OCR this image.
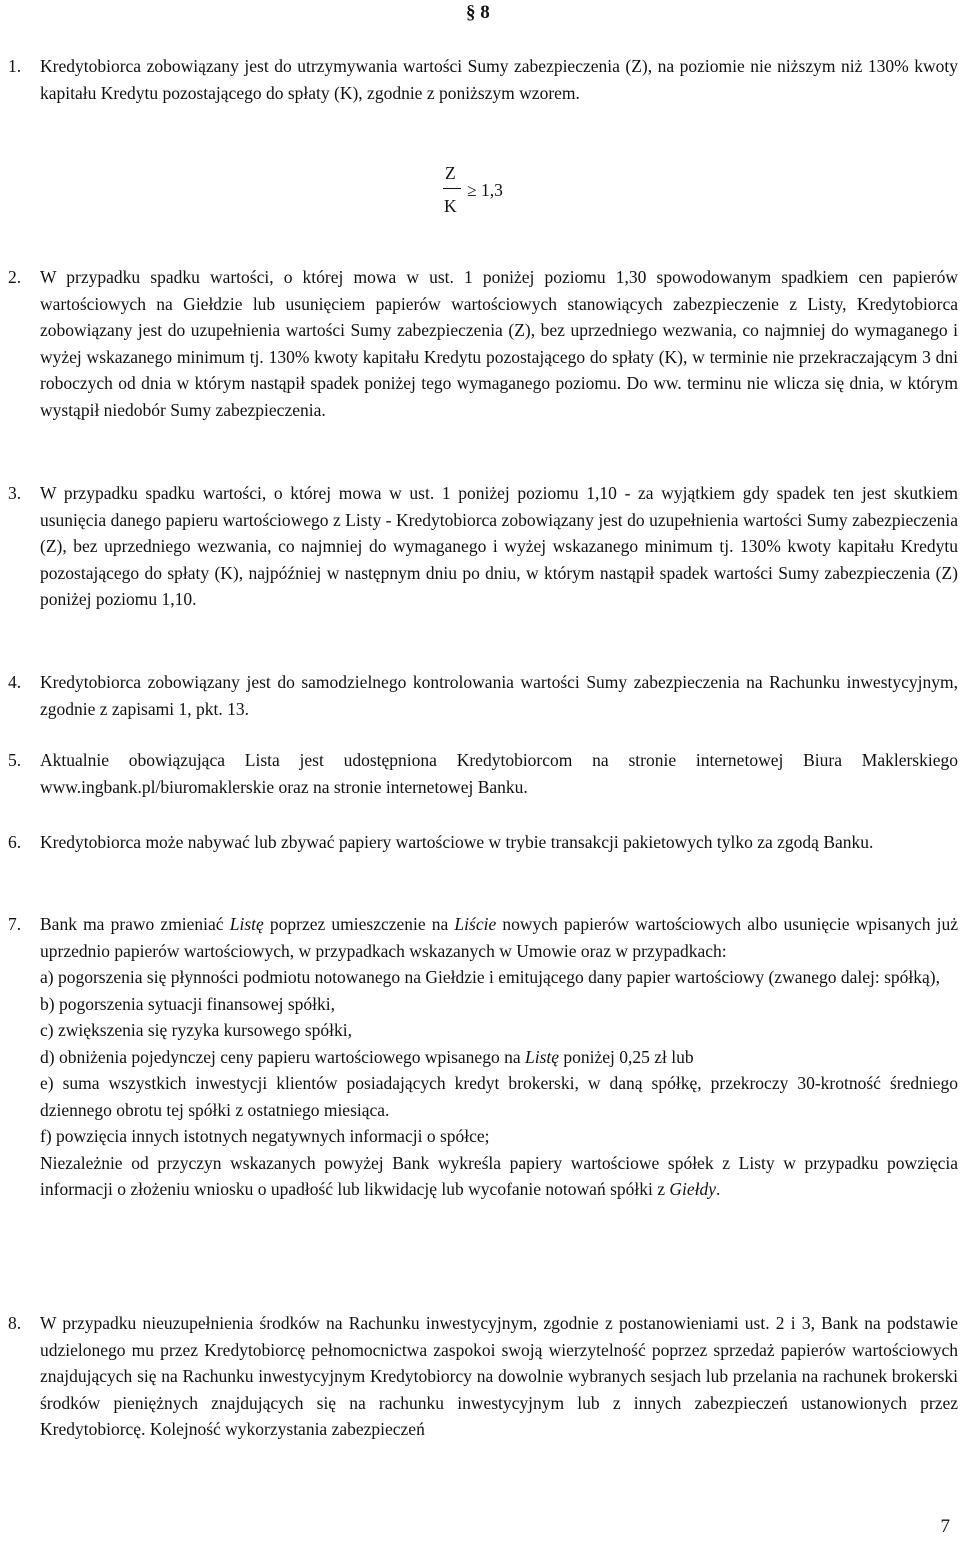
§ 8
1. Kredytobiorca zobowiązany jest do utrzymywania wartości Sumy zabezpieczenia (Z), na poziomie nie niższym niż 130% kwoty kapitału Kredytu pozostającego do spłaty (K), zgodnie z poniższym wzorem.

Z
K
≥ 1,3
2. W przypadku spadku wartości, o której mowa w ust. 1 poniżej poziomu 1,30 spowodowanym spadkiem cen papierów wartościowych na Giełdzie lub usunięciem papierów wartościowych stanowiących zabezpieczenie z Listy, Kredytobiorca zobowiązany jest do uzupełnienia wartości Sumy zabezpieczenia (Z), bez uprzedniego wezwania, co najmniej do wymaganego i wyżej wskazanego minimum tj. 130% kwoty kapitału Kredytu pozostającego do spłaty (K), w terminie nie przekraczającym 3 dni roboczych od dnia w którym nastąpił spadek poniżej tego wymaganego poziomu. Do ww. terminu nie wlicza się dnia, w którym wystąpił niedobór Sumy zabezpieczenia.

3. W przypadku spadku wartości, o której mowa w ust. 1 poniżej poziomu 1,10 - za wyjątkiem gdy spadek ten jest skutkiem usunięcia danego papieru wartościowego z Listy - Kredytobiorca zobowiązany jest do uzupełnienia wartości Sumy zabezpieczenia (Z), bez uprzedniego wezwania, co najmniej do wymaganego i wyżej wskazanego minimum tj. 130% kwoty kapitału Kredytu pozostającego do spłaty (K), najpóźniej w następnym dniu po dniu, w którym nastąpił spadek wartości Sumy zabezpieczenia (Z) poniżej poziomu 1,10.

4. Kredytobiorca zobowiązany jest do samodzielnego kontrolowania wartości Sumy zabezpieczenia na Rachunku inwestycyjnym, zgodnie z zapisami 1, pkt. 13.

5. Aktualnie obowiązująca Lista jest udostępniona Kredytobiorcom na stronie internetowej Biura Maklerskiego www.ingbank.pl/biuromaklerskie oraz na stronie internetowej Banku.

6. Kredytobiorca może nabywać lub zbywać papiery wartościowe w trybie transakcji pakietowych tylko za zgodą Banku.

7. Bank ma prawo zmieniać Listę poprzez umieszczenie na Liście nowych papierów wartościowych albo usunięcie wpisanych już uprzednio papierów wartościowych, w przypadkach wskazanych w Umowie oraz w przypadkach:

a) pogorszenia się płynności podmiotu notowanego na Giełdzie i emitującego dany papier wartościowy (zwanego dalej: spółką),

b) pogorszenia sytuacji finansowej spółki,

c) zwiększenia się ryzyka kursowego spółki,

d) obniżenia pojedynczej ceny papieru wartościowego wpisanego na Listę poniżej 0,25 zł lub

e) suma wszystkich inwestycji klientów posiadających kredyt brokerski, w daną spółkę, przekroczy 30-krotność średniego dziennego obrotu tej spółki z ostatniego miesiąca.

f) powzięcia innych istotnych negatywnych informacji o spółce;

Niezależnie od przyczyn wskazanych powyżej Bank wykreśla papiery wartościowe spółek z Listy w przypadku powzięcia informacji o złożeniu wniosku o upadłość lub likwidację lub wycofanie notowań spółki z Giełdy.

8. W przypadku nieuzupełnienia środków na Rachunku inwestycyjnym, zgodnie z postanowieniami ust. 2 i 3, Bank na podstawie udzielonego mu przez Kredytobiorcę pełnomocnictwa zaspokoi swoją wierzytelność poprzez sprzedaż papierów wartościowych znajdujących się na Rachunku inwestycyjnym Kredytobiorcy na dowolnie wybranych sesjach lub przelania na rachunek brokerski środków pieniężnych znajdujących się na rachunku inwestycyjnym lub z innych zabezpieczeń ustanowionych przez Kredytobiorcę. Kolejność wykorzystania zabezpieczeń

7
